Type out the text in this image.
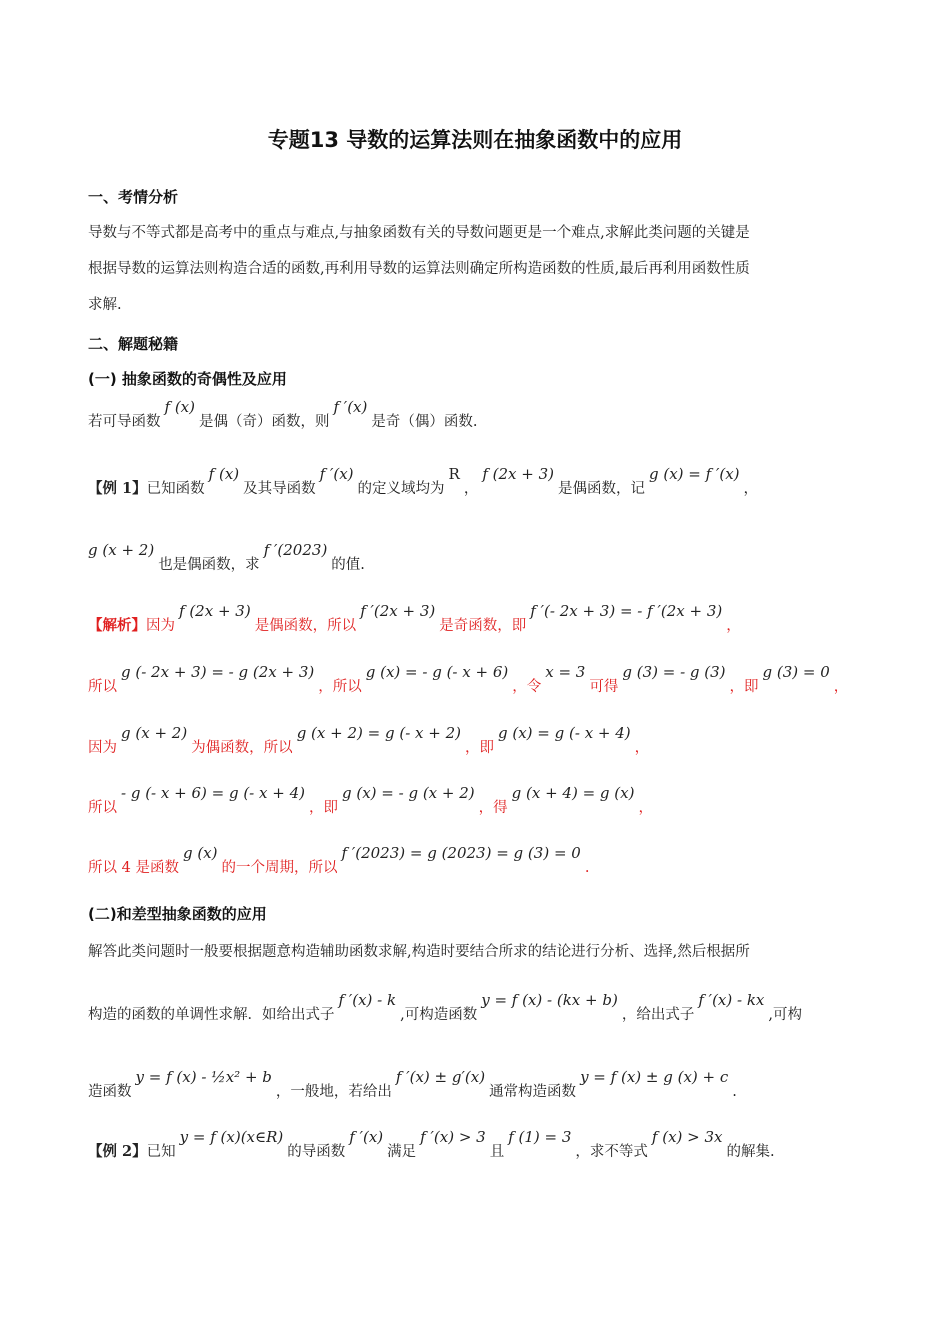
专题13 导数的运算法则在抽象函数中的应用
一、考情分析
导数与不等式都是高考中的重点与难点,与抽象函数有关的导数问题更是一个难点,求解此类问题的关键是
根据导数的运算法则构造合适的函数,再利用导数的运算法则确定所构造函数的性质,最后再利用函数性质
求解.
二、解题秘籍
(一) 抽象函数的奇偶性及应用
若可导函数f (x)是偶（奇）函数，则f ′(x)是奇（偶）函数.
【例 1】已知函数f (x)及其导函数f ′(x)的定义域均为R，f (2x + 3)是偶函数，记g (x) = f ′(x)，
g (x + 2)也是偶函数，求f ′(2023)的值.
【解析】因为f (2x + 3)是偶函数，所以f ′(2x + 3)是奇函数，即f ′(- 2x + 3) = - f ′(2x + 3)，
所以g (- 2x + 3) = - g (2x + 3)，所以g (x) = - g (- x + 6)，令x = 3可得g (3) = - g (3)，即g (3) = 0，
因为g (x + 2)为偶函数，所以g (x + 2) = g (- x + 2)，即g (x) = g (- x + 4)，
所以- g (- x + 6) = g (- x + 4)，即g (x) = - g (x + 2)，得g (x + 4) = g (x)，
所以 4 是函数g (x)的一个周期，所以f ′(2023) = g (2023) = g (3) = 0.
(二)和差型抽象函数的应用
解答此类问题时一般要根据题意构造辅助函数求解,构造时要结合所求的结论进行分析、选择,然后根据所
构造的函数的单调性求解．如给出式子f ′(x) - k,可构造函数y = f (x) - (kx + b)，给出式子f ′(x) - kx,可构
造函数y = f (x) - ½x² + b，一般地，若给出f ′(x) ± g′(x)通常构造函数y = f (x) ± g (x) + c.
【例 2】已知y = f (x)(x∈R)的导函数f ′(x)满足f ′(x) > 3且f (1) = 3，求不等式f (x) > 3x的解集.
